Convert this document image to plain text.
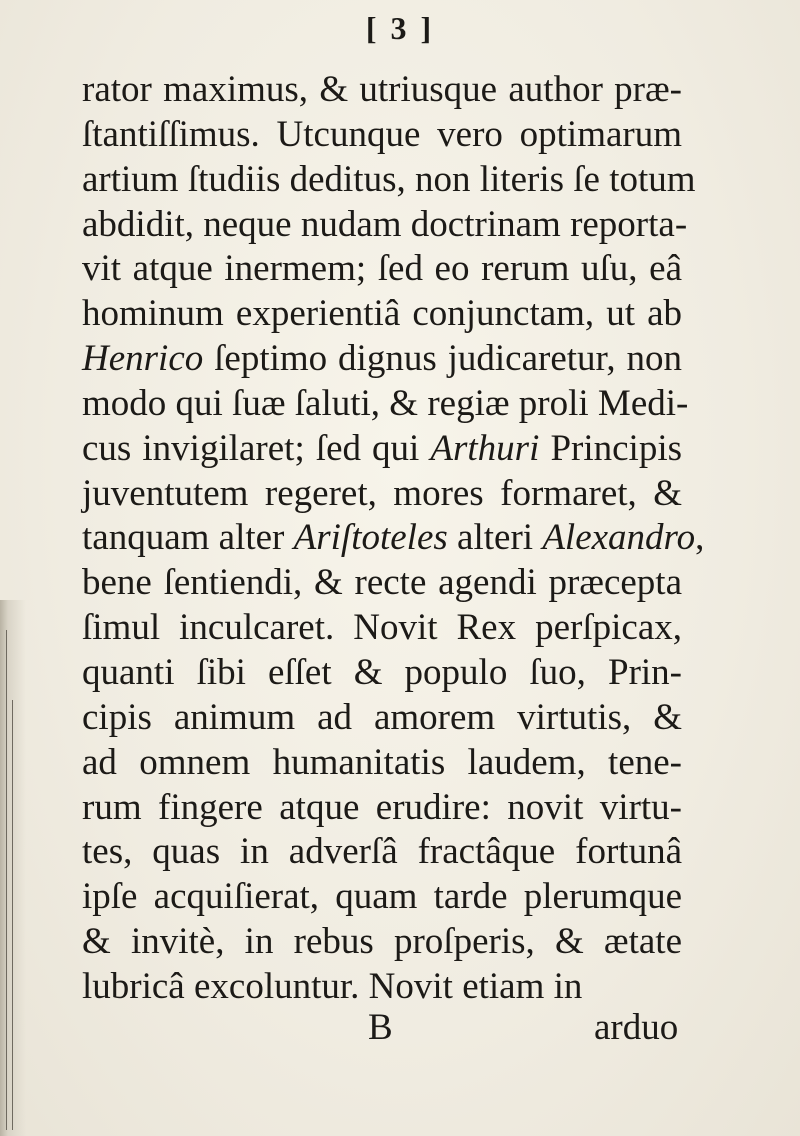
[ 3 ]
rator maximus, & utriusque author præ-
ſtantiſſimus. Utcunque vero optimarum
artium ſtudiis deditus, non literis ſe totum
abdidit, neque nudam doctrinam reporta-
vit atque inermem; ſed eo rerum uſu, eâ
hominum experientiâ conjunctam, ut ab
Henrico ſeptimo dignus judicaretur, non
modo qui ſuæ ſaluti, & regiæ proli Medi-
cus invigilaret; ſed qui Arthuri Principis
juventutem regeret, mores formaret, &
tanquam alter Ariſtoteles alteri Alexandro,
bene ſentiendi, & recte agendi præcepta
ſimul inculcaret. Novit Rex perſpicax,
quanti ſibi eſſet & populo ſuo, Prin-
cipis animum ad amorem virtutis, &
ad omnem humanitatis laudem, tene-
rum fingere atque erudire: novit virtu-
tes, quas in adverſâ fractâque fortunâ
ipſe acquiſierat, quam tarde plerumque
& invitè, in rebus proſperis, & ætate
lubricâ excoluntur. Novit etiam in
B	arduo
